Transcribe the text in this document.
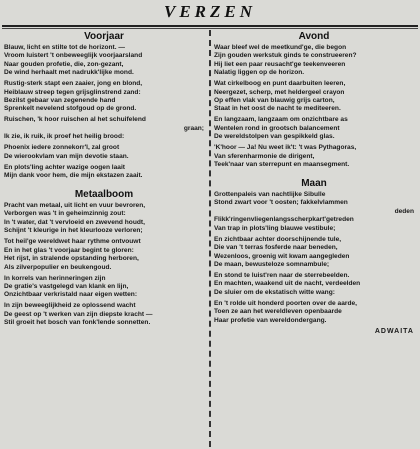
VERZEN
Voorjaar
Blauw, licht en stilte tot de horizont. —
Vroom luistert 't onbeweeglijk voorjaarsland
Naar gouden profetie, die, zon-gezant,
De wind herhaalt met nadrukk'lijke mond.
Rustig-sterk stapt een zaaier, jong en blond,
Heiblauw streep tegen grijsglinstrend zand:
Bezilst gebaar van zegenende hand
Sprenkelt nevelend stofgoud op de grond.
Ruischen, 'k hoor ruischen al het schuifelend
graan;
Ik zie, ik ruik, ik proef het heilig brood:
Phoenix iedere zonnekorr'l, zal groot
De wierookvlam van mijn devotie staan.
En plots'ling achter wazige oogen laait
Mijn dank voor hem, die mijn ekstazen zaait.
Metaalboom
Pracht van metaal, uit licht en vuur bevroren,
Verborgen was 't in geheimzinnig zout:
In 't water, dat 't vervloeid en zwevend houdt,
Schijnt 't kleurige in het kleurlooze verloren;
Tot heil'ge wereldwet haar rythme ontvouwt
En in het glas 't voorjaar begint te gloren:
Het rijst, in stralende opstanding herboren,
Als zilverpopulier en beukengoud.
In korrels van herinneringen zijn
De gratie's vastgelegd van klank en lijn,
Onzichtbaar verkristald naar eigen wetten:
In zijn beweeglijkheid ze oplossend wacht
De geest op 't werken van zijn diepste kracht —
Stil groeit het bosch van fonk'lende sonnetten.
Avond
Waar bleef wel de meetkund'ge, die begon
Zijn gouden werkstuk ginds te construeeren?
Hij liet een paar reusacht'ge teekenveeren
Nalatig liggen op de horizon.
Wat cirkelboog en punt daarbuiten leeren,
Neergezet, scherp, met heldergeel crayon
Op effen vlak van blauwig grijs carton,
Staat in het oost de nacht te mediteeren.
En langzaam, langzaam om onzichtbare as
Wentelen rond in grootsch balancement
De wereldstolpen van gespikkeld glas.
'K'hoor — Ja! Nu weet ik't: 't was Pythagoras,
Van sferenharmonie de dirigent,
Teek'naar van sterrepunt en maansegment.
Maan
Grottenpaleis van nachtlijke Sibulle
Stond zwart voor 't oosten; fakkelvlammen
deden
Flikk'ringenvliegenlangsscherpkart'getreden
Van trap in plots'ling blauwe vestibule;
En zichtbaar achter doorschijnende tule,
Die van 't terras fosferde naar beneden,
Wezenloos, groenig wit kwam aangegleden
De maan, bewusteloze somnambule;
En stond te luist'ren naar de sterrebeelden.
En machten, waakend uit de nacht, verdeelden
De sluier om de ekstatisch witte wang:
En 't rolde uit honderd poorten over de aarde,
Toen ze aan het wereldleven openbaarde
Haar profetie van wereldondergang.
ADWAITA
